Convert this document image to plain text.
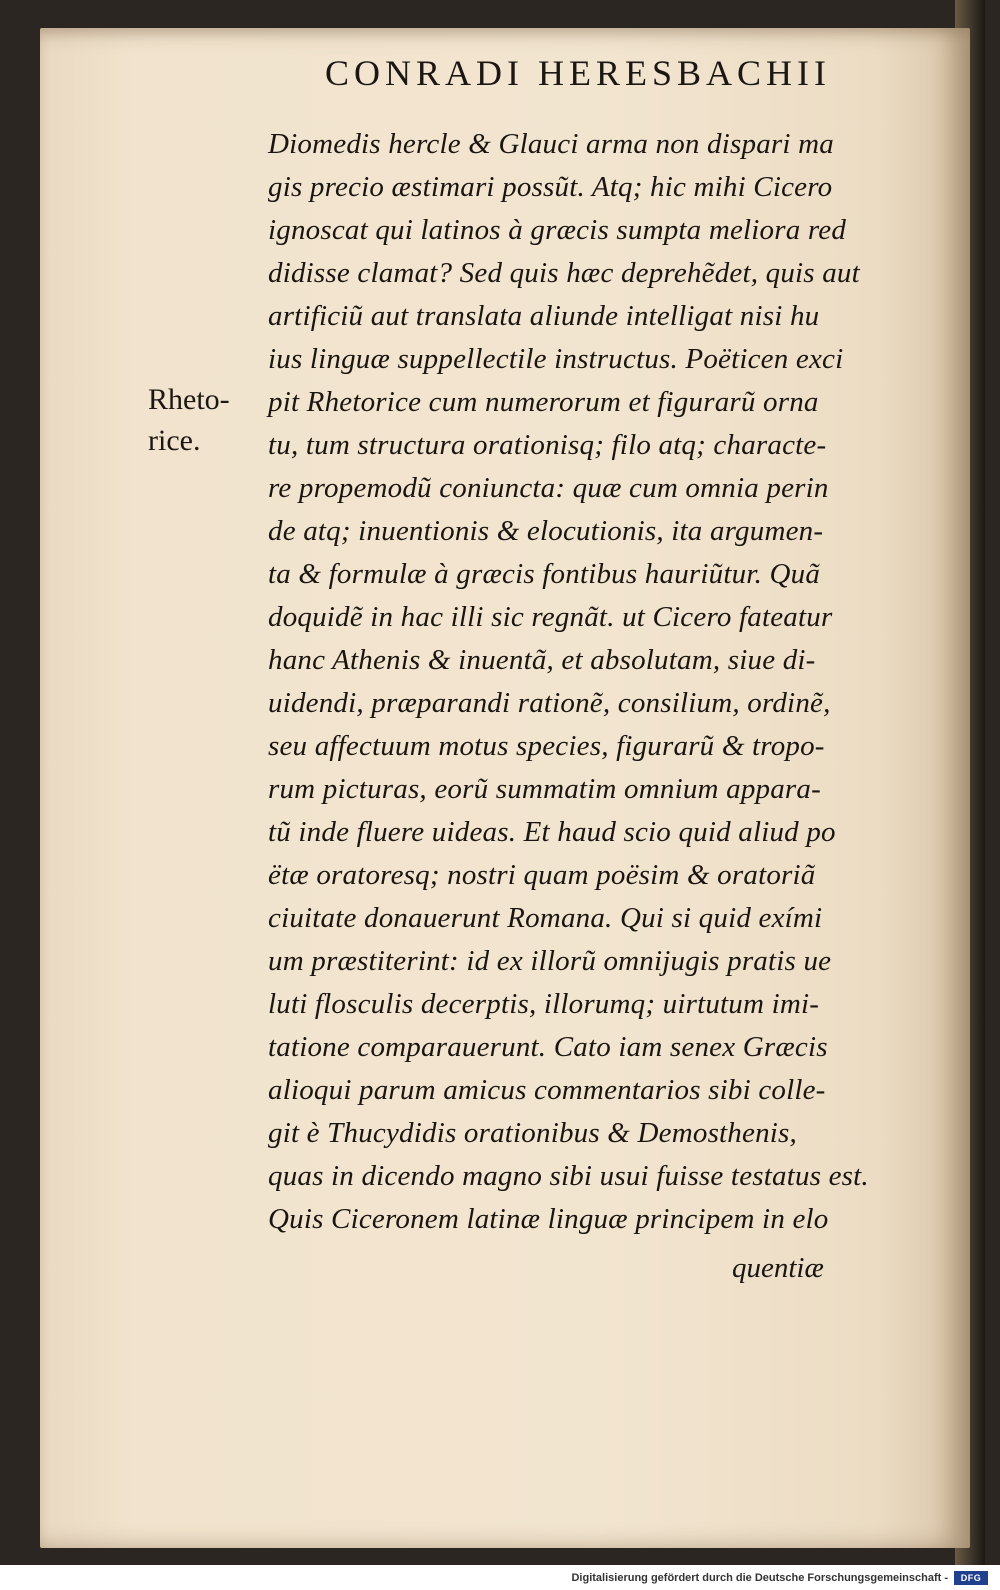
CONRADI HERESBACHII
Rheto-
rice.
Diomedis hercle & Glauci arma non dispari ma
gis precio æstimari possũt. Atq; hic mihi Cicero
ignoscat qui latinos à græcis sumpta meliora red
didisse clamat? Sed quis hæc deprehẽdet, quis aut
artificiũ aut translata aliunde intelligat nisi hu
ius linguæ suppellectile instructus. Poëticen exci
pit Rhetorice cum numerorum et figurarũ orna
tu, tum structura orationisq; filo atq; characte-
re propemodũ coniuncta: quæ cum omnia perin
de atq; inuentionis & elocutionis, ita argumen-
ta & formulæ à græcis fontibus hauriũtur. Quã
doquidẽ in hac illi sic regnãt. ut Cicero fateatur
hanc Athenis & inuentã, et absolutam, siue di-
uidendi, præparandi rationẽ, consilium, ordinẽ,
seu affectuum motus species, figurarũ & tropo-
rum picturas, eorũ summatim omnium appara-
tũ inde fluere uideas. Et haud scio quid aliud po
ëtæ oratoresq; nostri quam poësim & oratoriã
ciuitate donauerunt Romana. Qui si quid exími
um præstiterint: id ex illorũ omnijugis pratis ue
luti flosculis decerptis, illorumq; uirtutum imi-
tatione comparauerunt. Cato iam senex Græcis
alioqui parum amicus commentarios sibi colle-
git è Thucydidis orationibus & Demosthenis,
quas in dicendo magno sibi usui fuisse testatus est.
Quis Ciceronem latinæ linguæ principem in elo
quentiæ
Digitalisierung gefördert durch die Deutsche Forschungsgemeinschaft -	DFG
